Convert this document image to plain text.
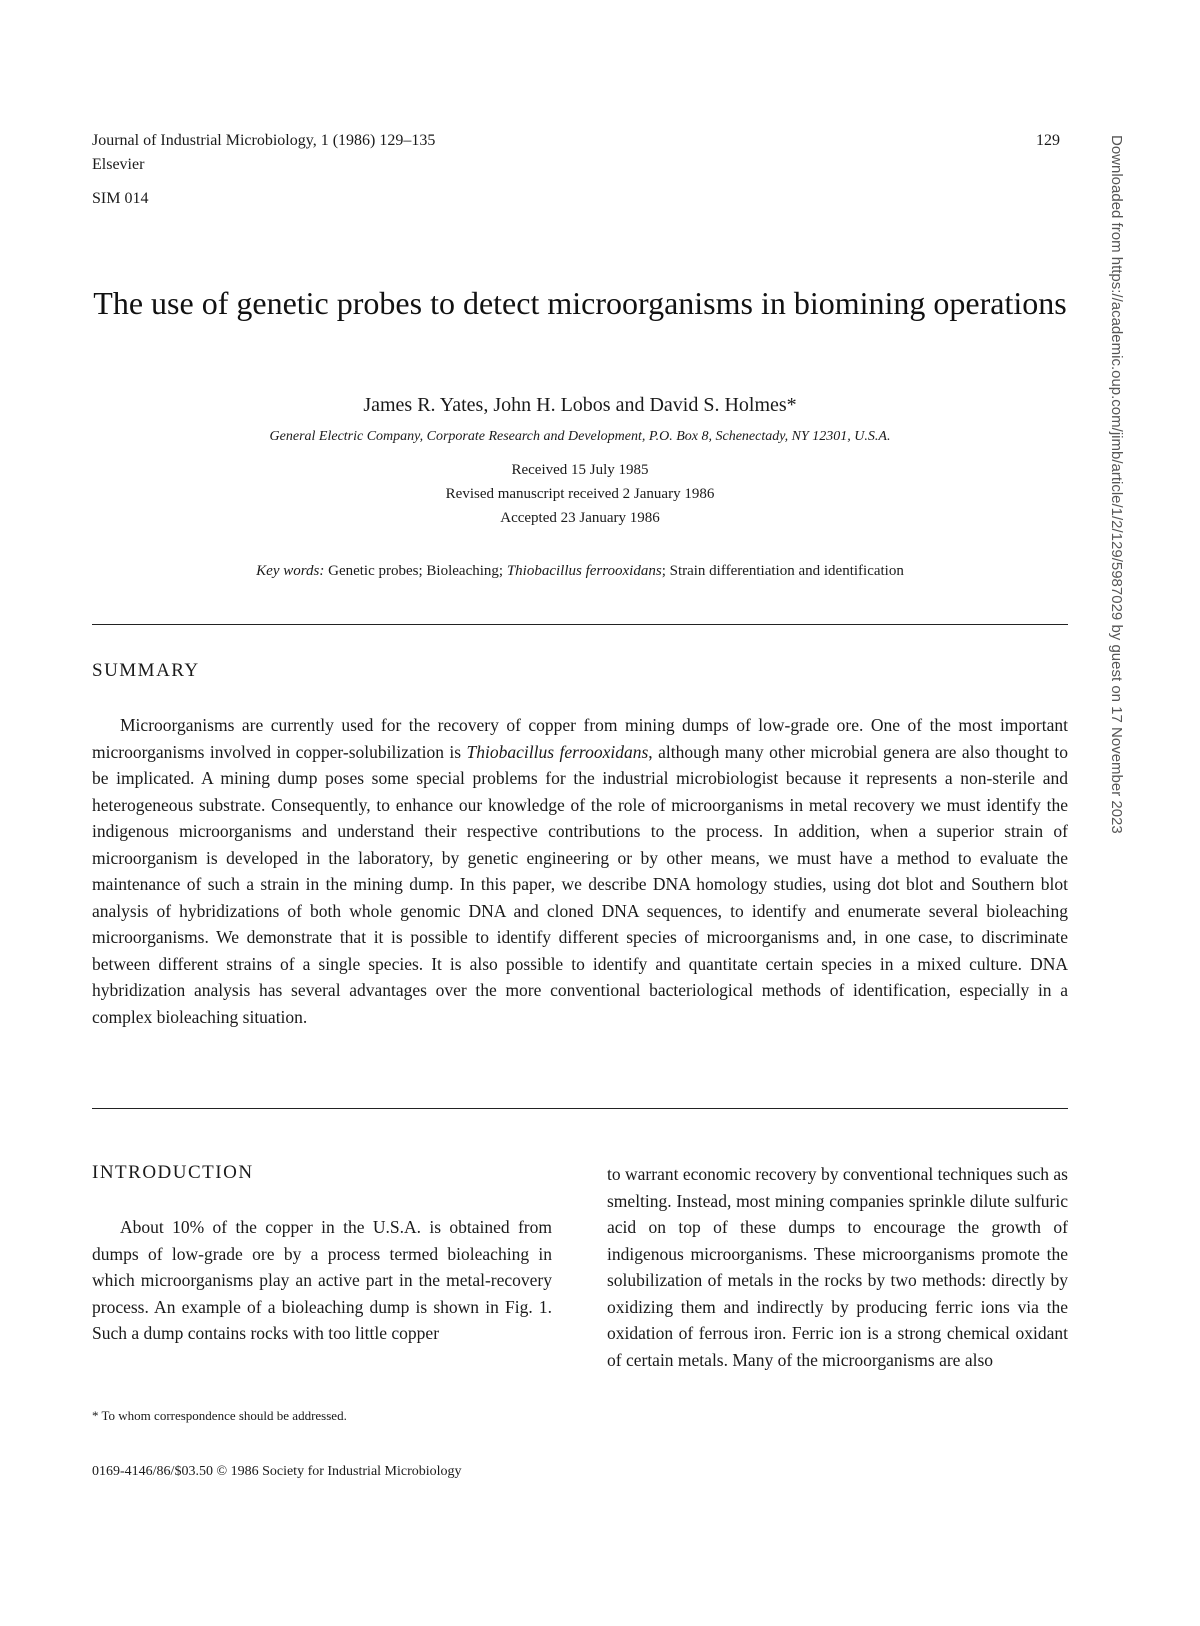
Journal of Industrial Microbiology, 1 (1986) 129–135
Elsevier
SIM 014
129
The use of genetic probes to detect microorganisms in biomining operations
James R. Yates, John H. Lobos and David S. Holmes*
General Electric Company, Corporate Research and Development, P.O. Box 8, Schenectady, NY 12301, U.S.A.
Received 15 July 1985
Revised manuscript received 2 January 1986
Accepted 23 January 1986
Key words: Genetic probes; Bioleaching; Thiobacillus ferrooxidans; Strain differentiation and identification
SUMMARY
Microorganisms are currently used for the recovery of copper from mining dumps of low-grade ore. One of the most important microorganisms involved in copper-solubilization is Thiobacillus ferrooxidans, although many other microbial genera are also thought to be implicated. A mining dump poses some special problems for the industrial microbiologist because it represents a non-sterile and heterogeneous substrate. Consequently, to enhance our knowledge of the role of microorganisms in metal recovery we must identify the indigenous microorganisms and understand their respective contributions to the process. In addition, when a superior strain of microorganism is developed in the laboratory, by genetic engineering or by other means, we must have a method to evaluate the maintenance of such a strain in the mining dump. In this paper, we describe DNA homology studies, using dot blot and Southern blot analysis of hybridizations of both whole genomic DNA and cloned DNA sequences, to identify and enumerate several bioleaching microorganisms. We demonstrate that it is possible to identify different species of microorganisms and, in one case, to discriminate between different strains of a single species. It is also possible to identify and quantitate certain species in a mixed culture. DNA hybridization analysis has several advantages over the more conventional bacteriological methods of identification, especially in a complex bioleaching situation.
INTRODUCTION
About 10% of the copper in the U.S.A. is obtained from dumps of low-grade ore by a process termed bioleaching in which microorganisms play an active part in the metal-recovery process. An example of a bioleaching dump is shown in Fig. 1. Such a dump contains rocks with too little copper
to warrant economic recovery by conventional techniques such as smelting. Instead, most mining companies sprinkle dilute sulfuric acid on top of these dumps to encourage the growth of indigenous microorganisms. These microorganisms promote the solubilization of metals in the rocks by two methods: directly by oxidizing them and indirectly by producing ferric ions via the oxidation of ferrous iron. Ferric ion is a strong chemical oxidant of certain metals. Many of the microorganisms are also
* To whom correspondence should be addressed.
0169-4146/86/$03.50 © 1986 Society for Industrial Microbiology
Downloaded from https://academic.oup.com/jimb/article/1/2/129/5987029 by guest on 17 November 2023
